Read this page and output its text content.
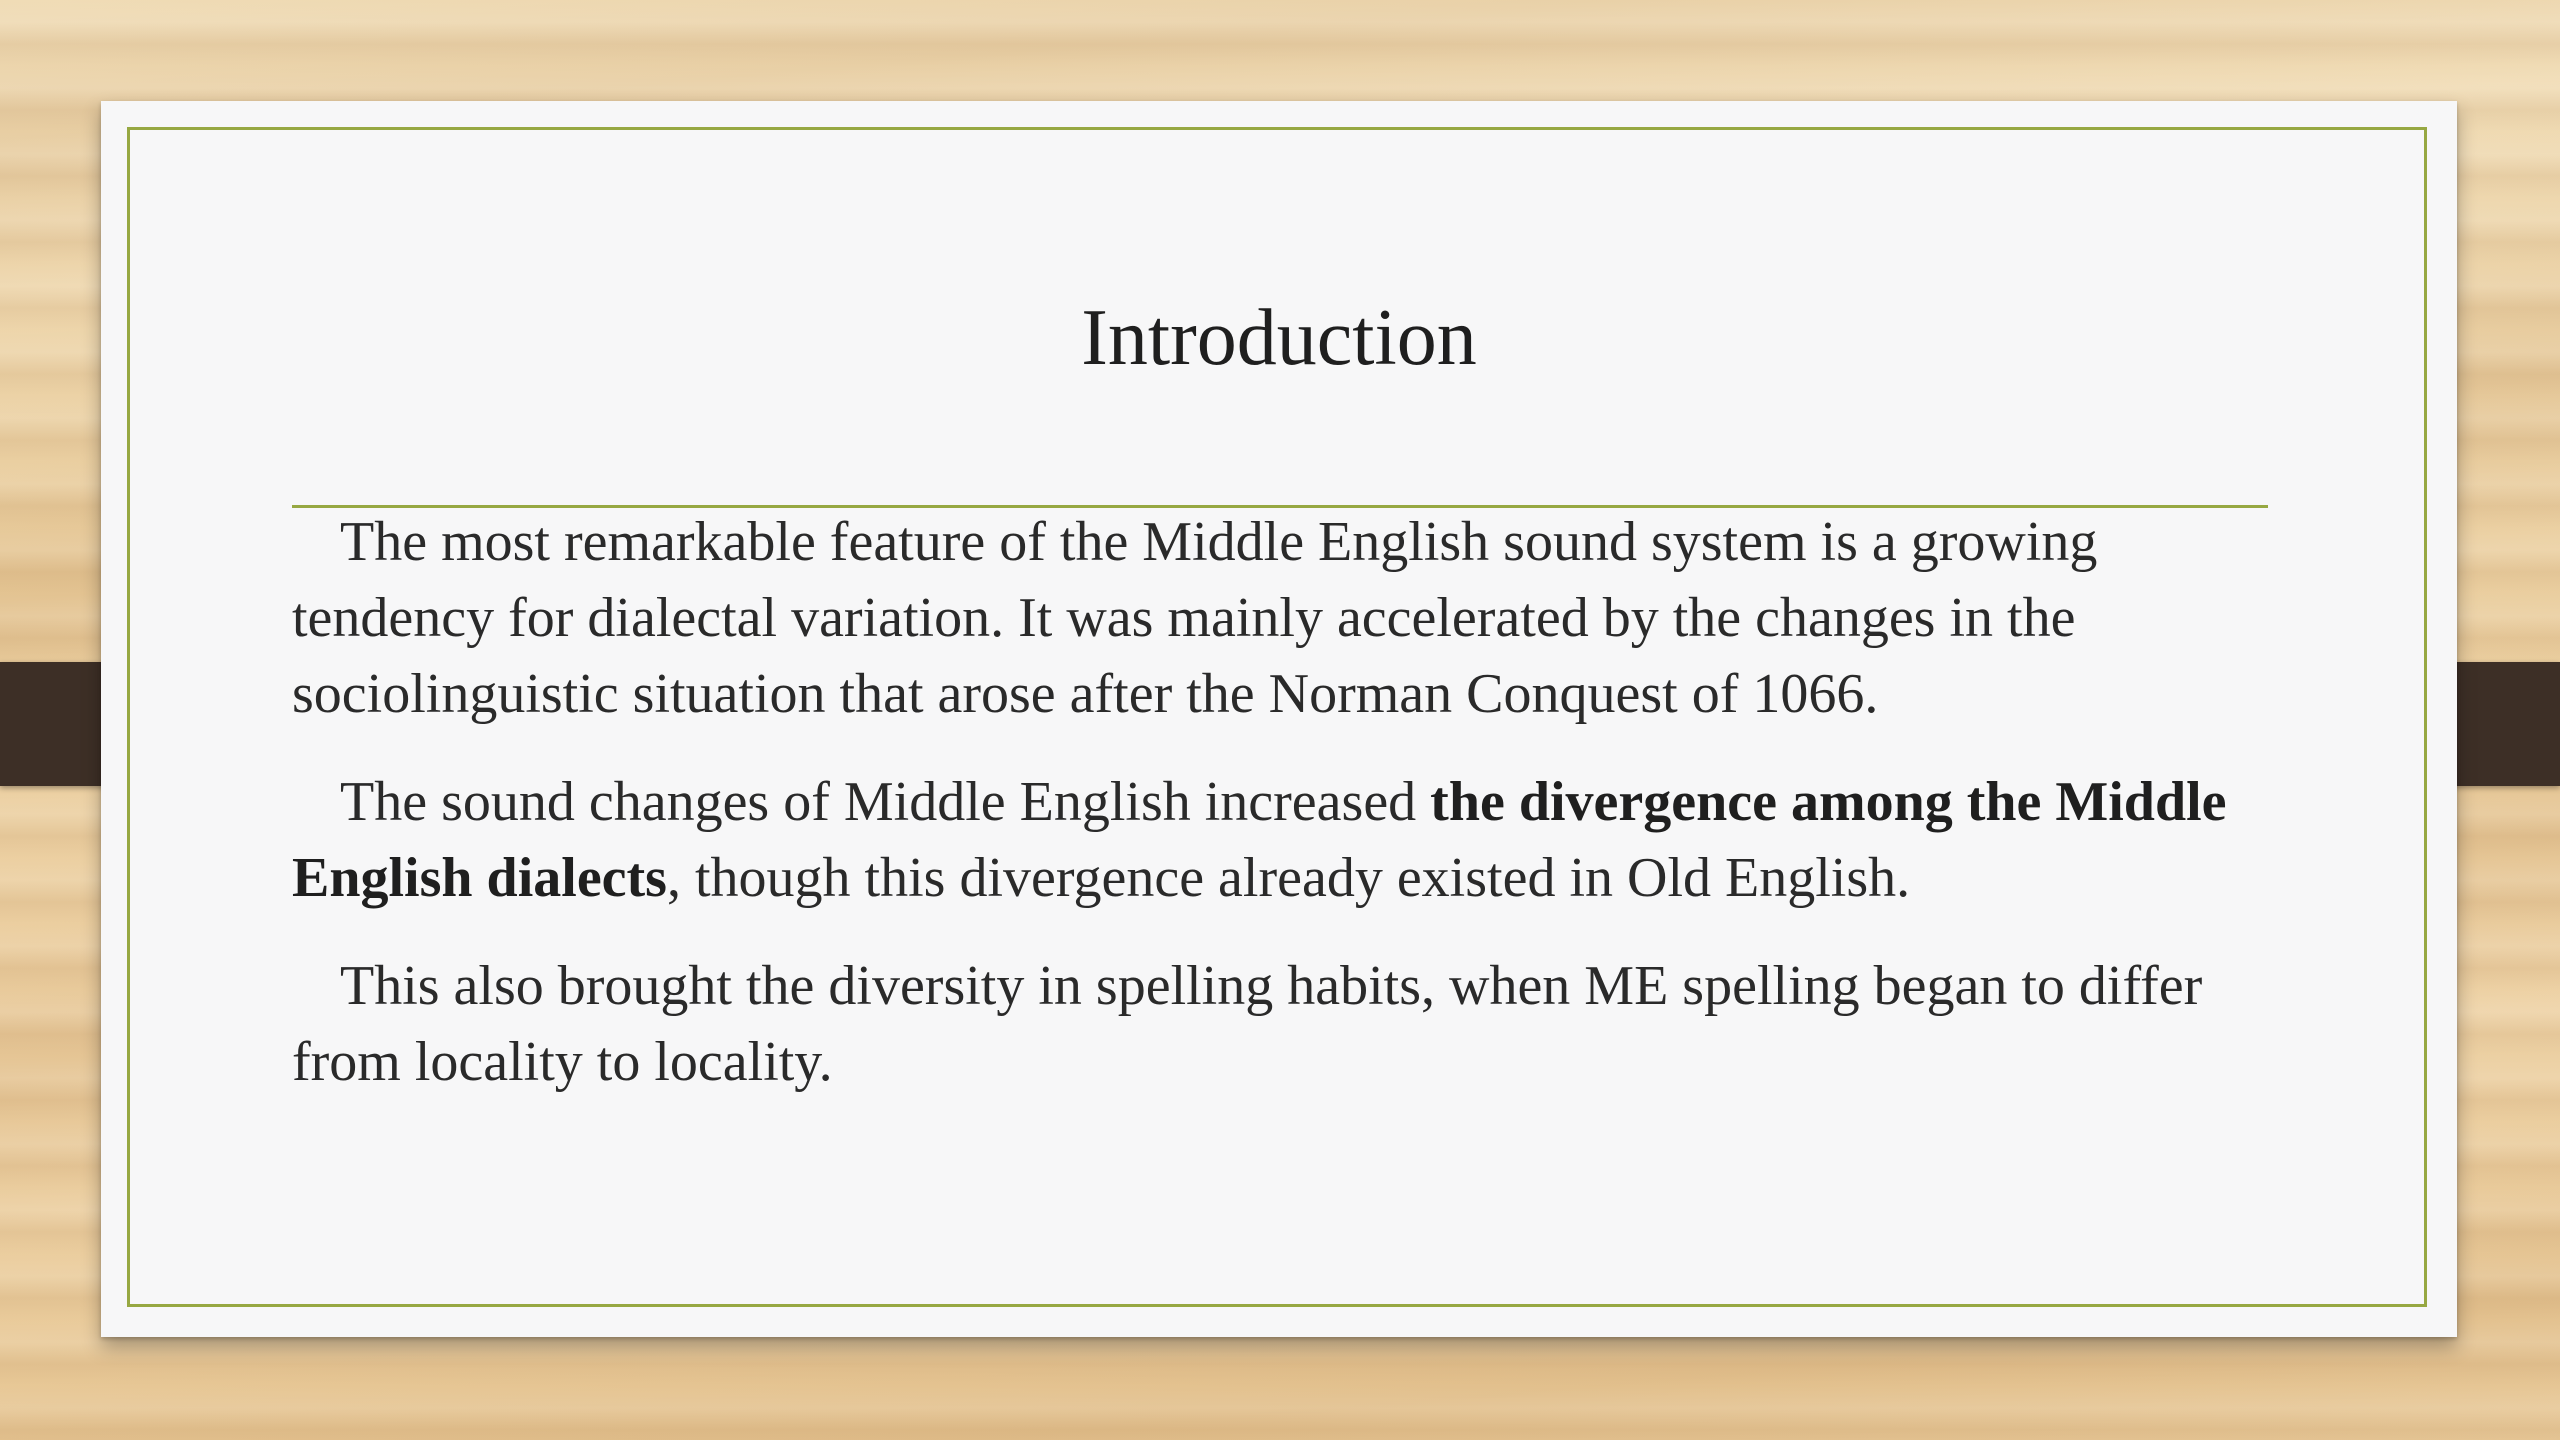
Introduction

The most remarkable feature of the Middle English sound system is a growing tendency for dialectal variation. It was mainly accelerated by the changes in the sociolinguistic situation that arose after the Norman Conquest of 1066.

The sound changes of Middle English increased the divergence among the Middle English dialects, though this divergence already existed in Old English.

This also brought the diversity in spelling habits, when ME spelling began to differ from locality to locality.
